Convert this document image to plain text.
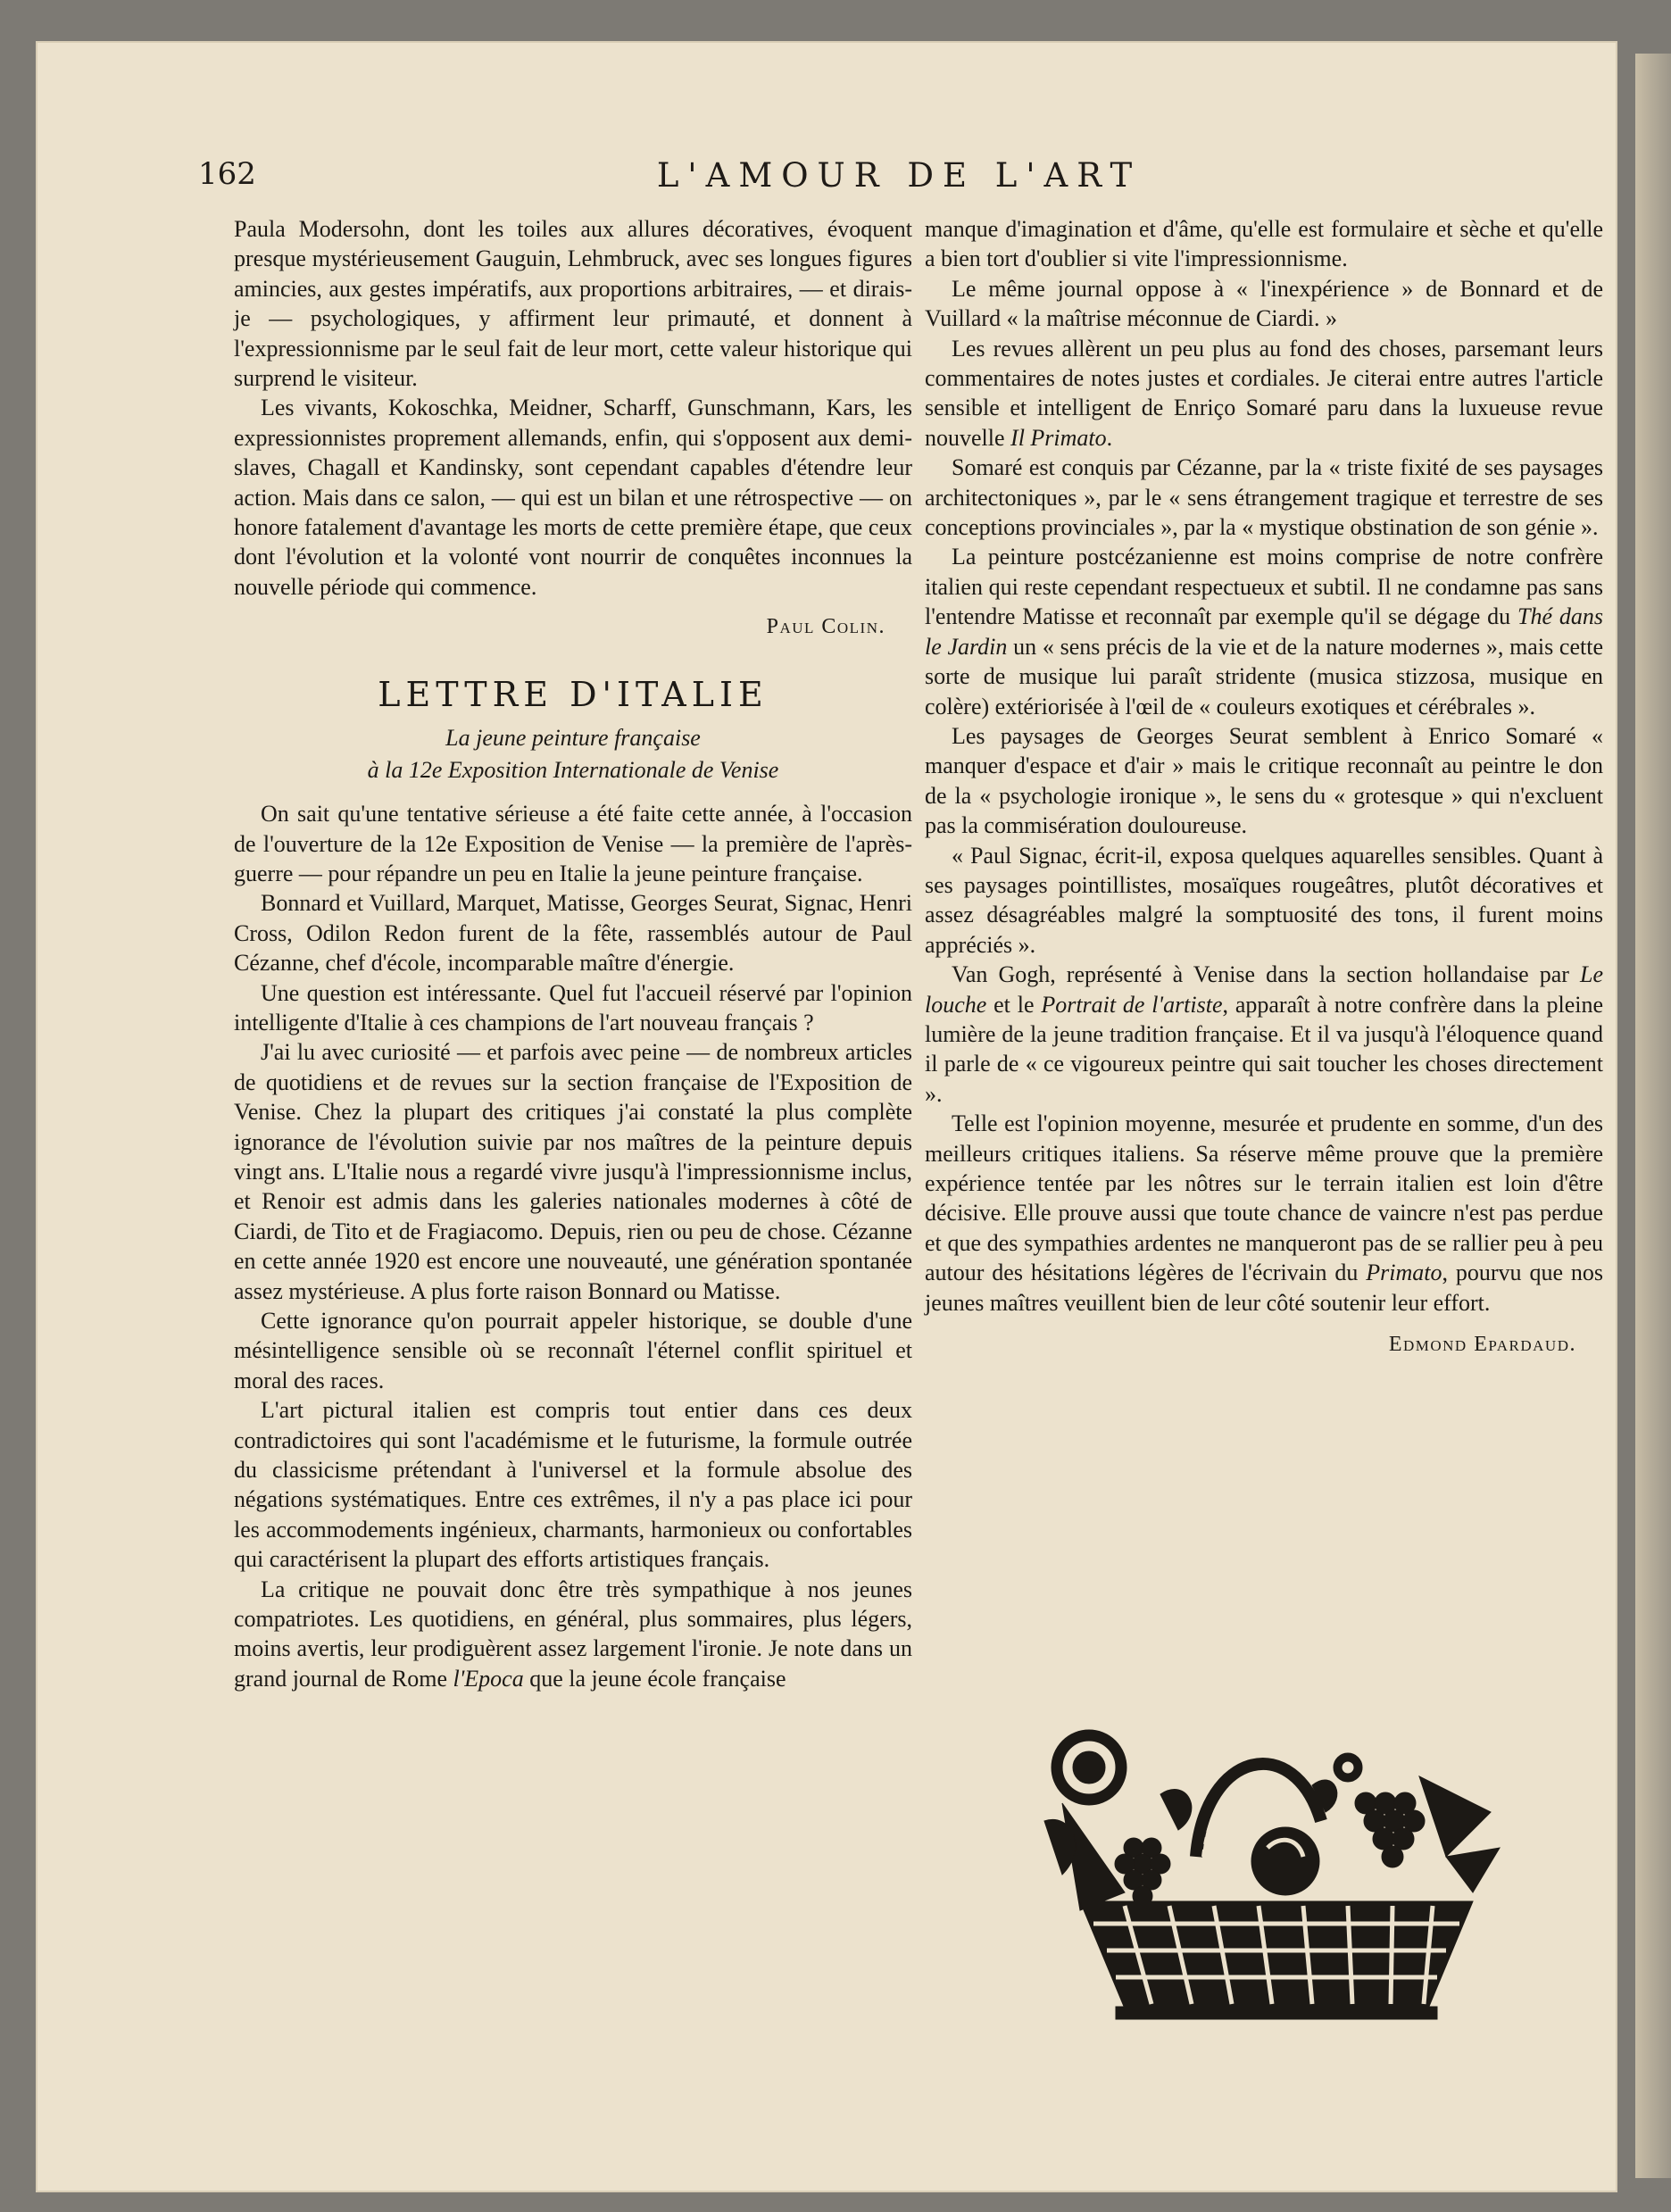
162	L'AMOUR DE L'ART

Paula Modersohn, dont les toiles aux allures décoratives, évoquent presque mystérieusement Gauguin, Lehmbruck, avec ses longues figures amincies, aux gestes impératifs, aux proportions arbitraires, — et dirais-je — psychologiques, y affirment leur primauté, et donnent à l'expressionnisme par le seul fait de leur mort, cette valeur historique qui surprend le visiteur.

Les vivants, Kokoschka, Meidner, Scharff, Gunschmann, Kars, les expressionnistes proprement allemands, enfin, qui s'opposent aux demi-slaves, Chagall et Kandinsky, sont cependant capables d'étendre leur action. Mais dans ce salon, — qui est un bilan et une rétrospective — on honore fatalement d'avantage les morts de cette première étape, que ceux dont l'évolution et la volonté vont nourrir de conquêtes inconnues la nouvelle période qui commence.

Paul Colin.
LETTRE D'ITALIE
La jeune peinture française
à la 12e Exposition Internationale de Venise

On sait qu'une tentative sérieuse a été faite cette année, à l'occasion de l'ouverture de la 12e Exposition de Venise — la première de l'après-guerre — pour répandre un peu en Italie la jeune peinture française.

Bonnard et Vuillard, Marquet, Matisse, Georges Seurat, Signac, Henri Cross, Odilon Redon furent de la fête, rassemblés autour de Paul Cézanne, chef d'école, incomparable maître d'énergie.

Une question est intéressante. Quel fut l'accueil réservé par l'opinion intelligente d'Italie à ces champions de l'art nouveau français ?

J'ai lu avec curiosité — et parfois avec peine — de nombreux articles de quotidiens et de revues sur la section française de l'Exposition de Venise. Chez la plupart des critiques j'ai constaté la plus complète ignorance de l'évolution suivie par nos maîtres de la peinture depuis vingt ans. L'Italie nous a regardé vivre jusqu'à l'impressionnisme inclus, et Renoir est admis dans les galeries nationales modernes à côté de Ciardi, de Tito et de Fragiacomo. Depuis, rien ou peu de chose. Cézanne en cette année 1920 est encore une nouveauté, une génération spontanée assez mystérieuse. A plus forte raison Bonnard ou Matisse.

Cette ignorance qu'on pourrait appeler historique, se double d'une mésintelligence sensible où se reconnaît l'éternel conflit spirituel et moral des races.

L'art pictural italien est compris tout entier dans ces deux contradictoires qui sont l'académisme et le futurisme, la formule outrée du classicisme prétendant à l'universel et la formule absolue des négations systématiques. Entre ces extrêmes, il n'y a pas place ici pour les accommodements ingénieux, charmants, harmonieux ou confortables qui caractérisent la plupart des efforts artistiques français.

La critique ne pouvait donc être très sympathique à nos jeunes compatriotes. Les quotidiens, en général, plus sommaires, plus légers, moins avertis, leur prodiguèrent assez largement l'ironie. Je note dans un grand journal de Rome l'Epoca que la jeune école française

manque d'imagination et d'âme, qu'elle est formulaire et sèche et qu'elle a bien tort d'oublier si vite l'impressionnisme.

Le même journal oppose à « l'inexpérience » de Bonnard et de Vuillard « la maîtrise méconnue de Ciardi. »

Les revues allèrent un peu plus au fond des choses, parsemant leurs commentaires de notes justes et cordiales. Je citerai entre autres l'article sensible et intelligent de Enriço Somaré paru dans la luxueuse revue nouvelle Il Primato.

Somaré est conquis par Cézanne, par la « triste fixité de ses paysages architectoniques », par le « sens étrangement tragique et terrestre de ses conceptions provinciales », par la « mystique obstination de son génie ».

La peinture postcézanienne est moins comprise de notre confrère italien qui reste cependant respectueux et subtil. Il ne condamne pas sans l'entendre Matisse et reconnaît par exemple qu'il se dégage du Thé dans le Jardin un « sens précis de la vie et de la nature modernes », mais cette sorte de musique lui paraît stridente (musica stizzosa, musique en colère) extériorisée à l'œil de « couleurs exotiques et cérébrales ».

Les paysages de Georges Seurat semblent à Enrico Somaré « manquer d'espace et d'air » mais le critique reconnaît au peintre le don de la « psychologie ironique », le sens du « grotesque » qui n'excluent pas la commisération douloureuse.

« Paul Signac, écrit-il, exposa quelques aquarelles sensibles. Quant à ses paysages pointillistes, mosaïques rougeâtres, plutôt décoratives et assez désagréables malgré la somptuosité des tons, il furent moins appréciés ».

Van Gogh, représenté à Venise dans la section hollandaise par Le louche et le Portrait de l'artiste, apparaît à notre confrère dans la pleine lumière de la jeune tradition française. Et il va jusqu'à l'éloquence quand il parle de « ce vigoureux peintre qui sait toucher les choses directement ».

Telle est l'opinion moyenne, mesurée et prudente en somme, d'un des meilleurs critiques italiens. Sa réserve même prouve que la première expérience tentée par les nôtres sur le terrain italien est loin d'être décisive. Elle prouve aussi que toute chance de vaincre n'est pas perdue et que des sympathies ardentes ne manqueront pas de se rallier peu à peu autour des hésitations légères de l'écrivain du Primato, pourvu que nos jeunes maîtres veuillent bien de leur côté soutenir leur effort.

Edmond Epardaud.
